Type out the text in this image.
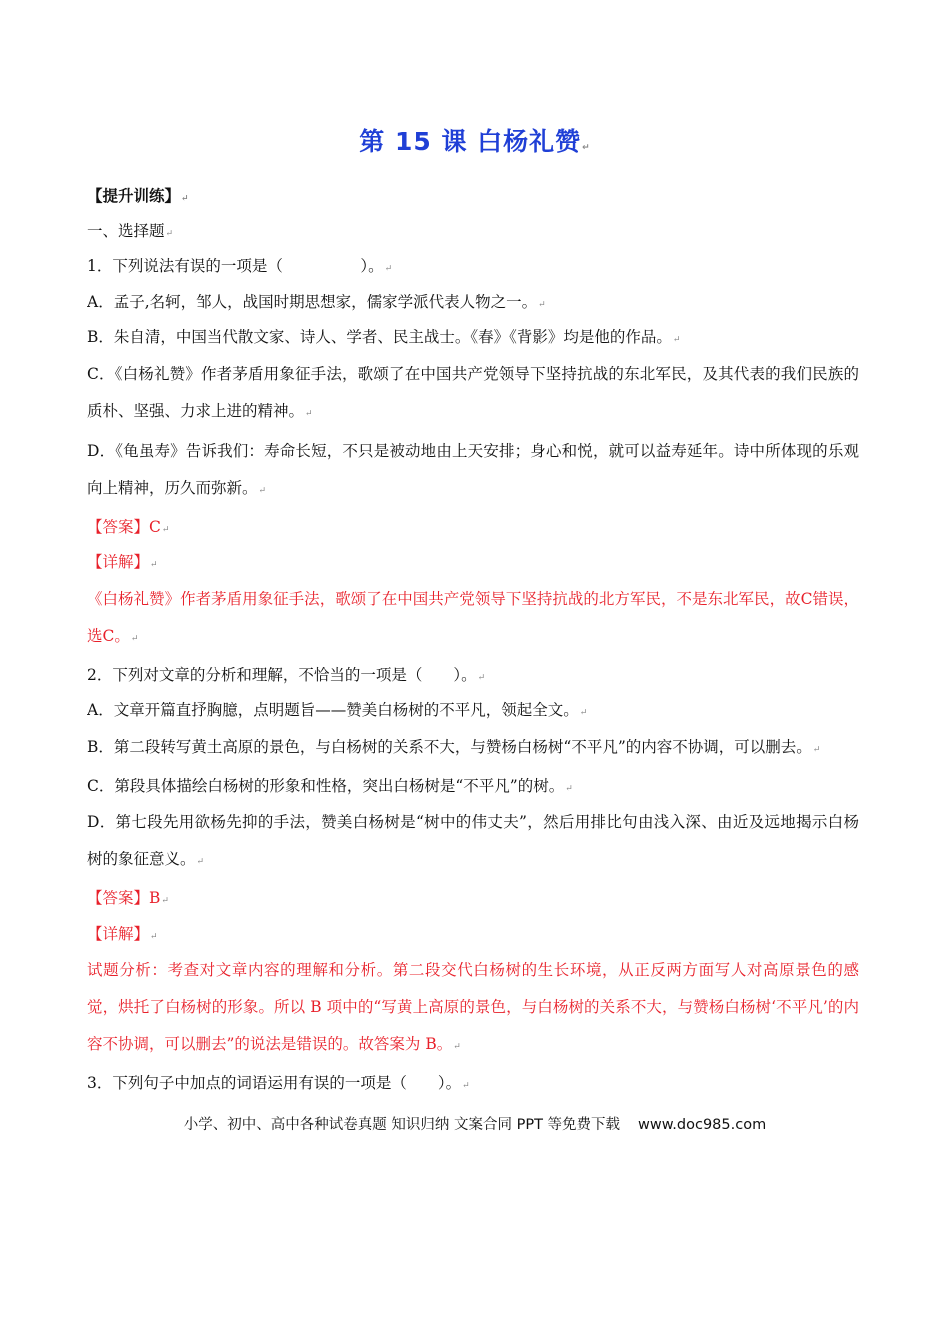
第 15 课 白杨礼赞↵
【提升训练】↵
一、选择题↵
1．下列说法有误的一项是（　　　　　）。↵
A．孟子,名轲，邹人，战国时期思想家，儒家学派代表人物之一。↵
B．朱自清，中国当代散文家、诗人、学者、民主战士。《春》《背影》均是他的作品。↵
C．《白杨礼赞》作者茅盾用象征手法，歌颂了在中国共产党领导下坚持抗战的东北军民，及其代表的我们民族的质朴、坚强、力求上进的精神。↵
D．《龟虽寿》告诉我们：寿命长短，不只是被动地由上天安排；身心和悦，就可以益寿延年。诗中所体现的乐观向上精神，历久而弥新。↵
【答案】C↵
【详解】↵
《白杨礼赞》作者茅盾用象征手法，歌颂了在中国共产党领导下坚持抗战的北方军民，不是东北军民，故C错误，选C。↵
2．下列对文章的分析和理解，不恰当的一项是（　　）。↵
A．文章开篇直抒胸臆，点明题旨——赞美白杨树的不平凡，领起全文。↵
B．第二段转写黄土高原的景色，与白杨树的关系不大，与赞杨白杨树“不平凡”的内容不协调，可以删去。↵
C．第段具体描绘白杨树的形象和性格，突出白杨树是“不平凡”的树。↵
D．第七段先用欲杨先抑的手法，赞美白杨树是“树中的伟丈夫”，然后用排比句由浅入深、由近及远地揭示白杨树的象征意义。↵
【答案】B↵
【详解】↵
试题分析：考查对文章内容的理解和分析。第二段交代白杨树的生长环境，从正反两方面写人对高原景色的感觉，烘托了白杨树的形象。所以 B 项中的“写黄上高原的景色，与白杨树的关系不大，与赞杨白杨树‘不平凡’的内容不协调，可以删去”的说法是错误的。故答案为 B。↵
3．下列句子中加点的词语运用有误的一项是（　　）。↵
小学、初中、高中各种试卷真题 知识归纳 文案合同 PPT 等免费下载 www.doc985.com
